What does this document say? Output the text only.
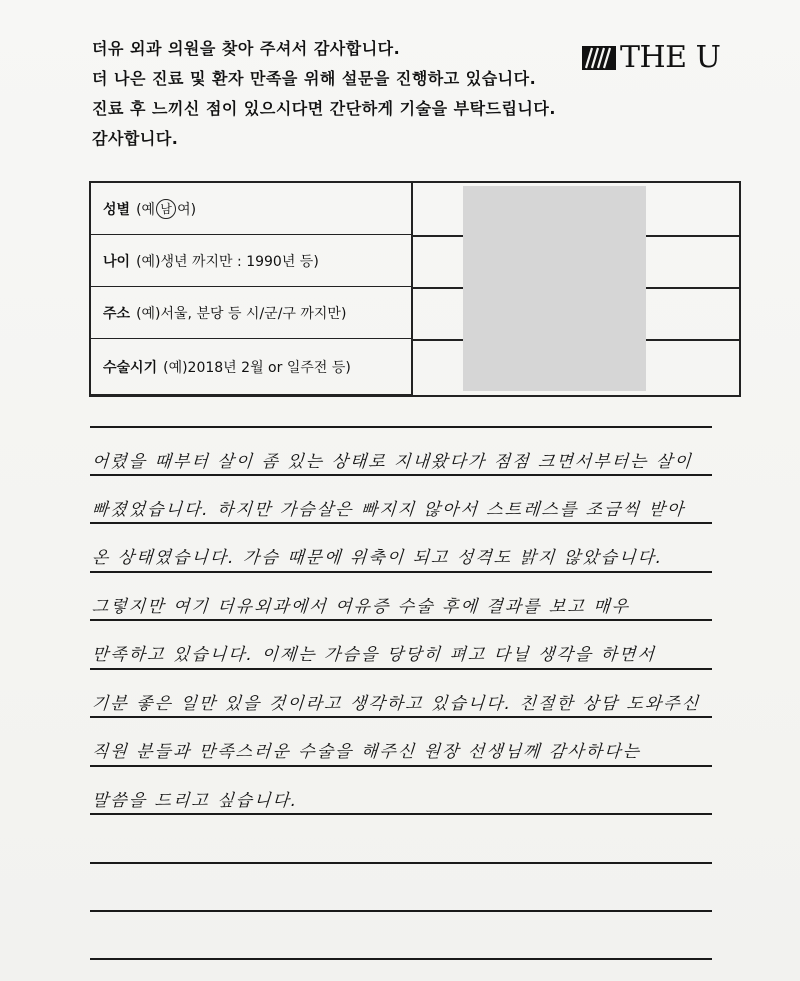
더유 외과 의원을 찾아 주셔서 감사합니다.
더 나은 진료 및 환자 만족을 위해 설문을 진행하고 있습니다.
진료 후 느끼신 점이 있으시다면 간단하게 기술을 부탁드립니다.
감사합니다.
THE U
성별 (예 남 여)
나이 (예)생년 까지만 : 1990년 등)
주소 (예)서울, 분당 등 시/군/구 까지만)
수술시기 (예)2018년 2월 or 일주전 등)
어렸을 때부터 살이 좀 있는 상태로 지내왔다가 점점 크면서부터는 살이
빠졌었습니다. 하지만 가슴살은 빠지지 않아서 스트레스를 조금씩 받아
온 상태였습니다. 가슴 때문에 위축이 되고 성격도 밝지 않았습니다.
그렇지만 여기 더유외과에서 여유증 수술 후에 결과를 보고 매우
만족하고 있습니다. 이제는 가슴을 당당히 펴고 다닐 생각을 하면서
기분 좋은 일만 있을 것이라고 생각하고 있습니다. 친절한 상담 도와주신
직원 분들과 만족스러운 수술을 해주신 원장 선생님께 감사하다는
말씀을 드리고 싶습니다.
